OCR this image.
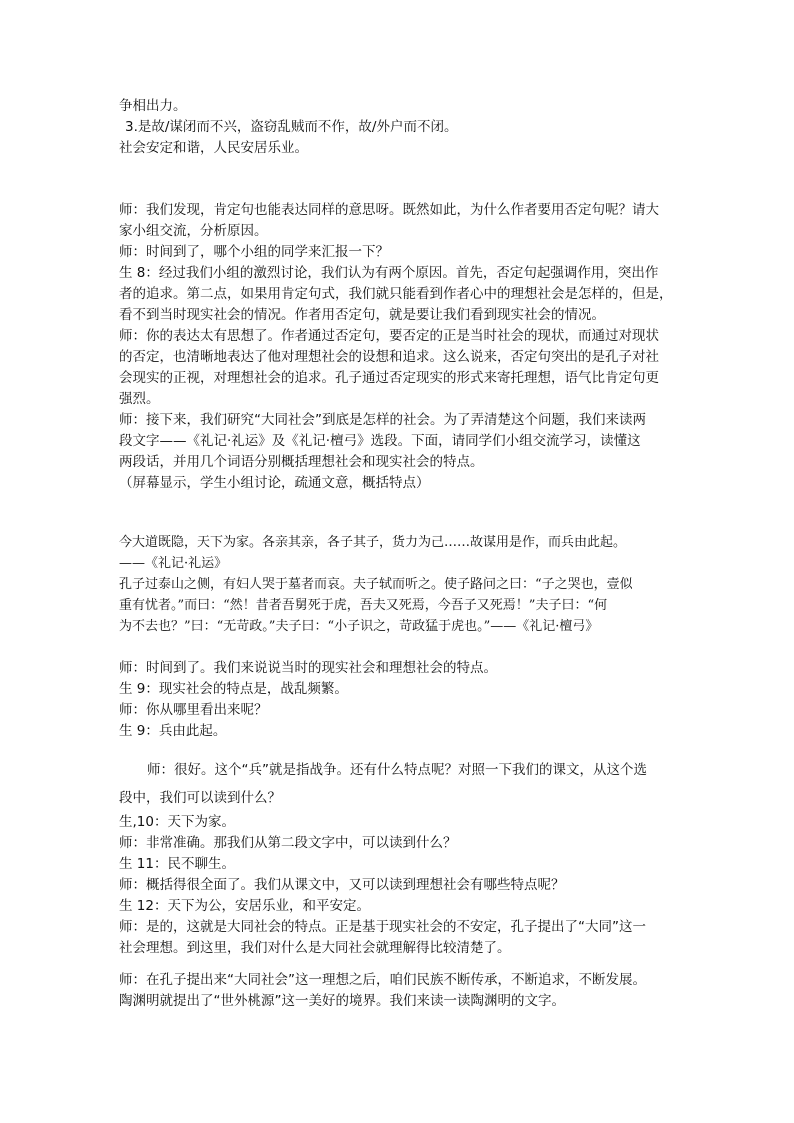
争相出力。
3.是故/谋闭而不兴，盗窃乱贼而不作，故/外户而不闭。
社会安定和谐，人民安居乐业。
师：我们发现，肯定句也能表达同样的意思呀。既然如此，为什么作者要用否定句呢？请大
家小组交流，分析原因。
师：时间到了，哪个小组的同学来汇报一下？
生 8：经过我们小组的激烈讨论，我们认为有两个原因。首先，否定句起强调作用，突出作
者的追求。第二点，如果用肯定句式，我们就只能看到作者心中的理想社会是怎样的，但是，
看不到当时现实社会的情况。作者用否定句，就是要让我们看到现实社会的情况。
师：你的表达太有思想了。作者通过否定句，要否定的正是当时社会的现状，而通过对现状
的否定，也清晰地表达了他对理想社会的设想和追求。这么说来，否定句突出的是孔子对社
会现实的正视，对理想社会的追求。孔子通过否定现实的形式来寄托理想，语气比肯定句更
强烈。
师：接下来，我们研究“大同社会”到底是怎样的社会。为了弄清楚这个问题，我们来读两
段文字——《礼记·礼运》及《礼记·檀弓》选段。下面，请同学们小组交流学习，读懂这
两段话，并用几个词语分别概括理想社会和现实社会的特点。
（屏幕显示，学生小组讨论，疏通文意，概括特点）
今大道既隐，天下为家。各亲其亲，各子其子，货力为己……故谋用是作，而兵由此起。
——《礼记·礼运》
孔子过泰山之侧，有妇人哭于墓者而哀。夫子轼而听之。使子路问之曰：“子之哭也，壹似
重有忧者。”而曰：“然！昔者吾舅死于虎，吾夫又死焉，今吾子又死焉！”夫子曰：“何
为不去也？”曰：“无苛政。”夫子曰：“小子识之，苛政猛于虎也。”——《礼记·檀弓》
师：时间到了。我们来说说当时的现实社会和理想社会的特点。
生 9：现实社会的特点是，战乱频繁。
师：你从哪里看出来呢？
生 9：兵由此起。
师：很好。这个“兵”就是指战争。还有什么特点呢？对照一下我们的课文，从这个选
段中，我们可以读到什么？
生,10：天下为家。
师：非常准确。那我们从第二段文字中，可以读到什么？
生 11：民不聊生。
师：概括得很全面了。我们从课文中，又可以读到理想社会有哪些特点呢？
生 12：天下为公，安居乐业，和平安定。
师：是的，这就是大同社会的特点。正是基于现实社会的不安定，孔子提出了“大同”这一
社会理想。到这里，我们对什么是大同社会就理解得比较清楚了。
师：在孔子提出来“大同社会”这一理想之后，咱们民族不断传承，不断追求，不断发展。
陶渊明就提出了“世外桃源”这一美好的境界。我们来读一读陶渊明的文字。
